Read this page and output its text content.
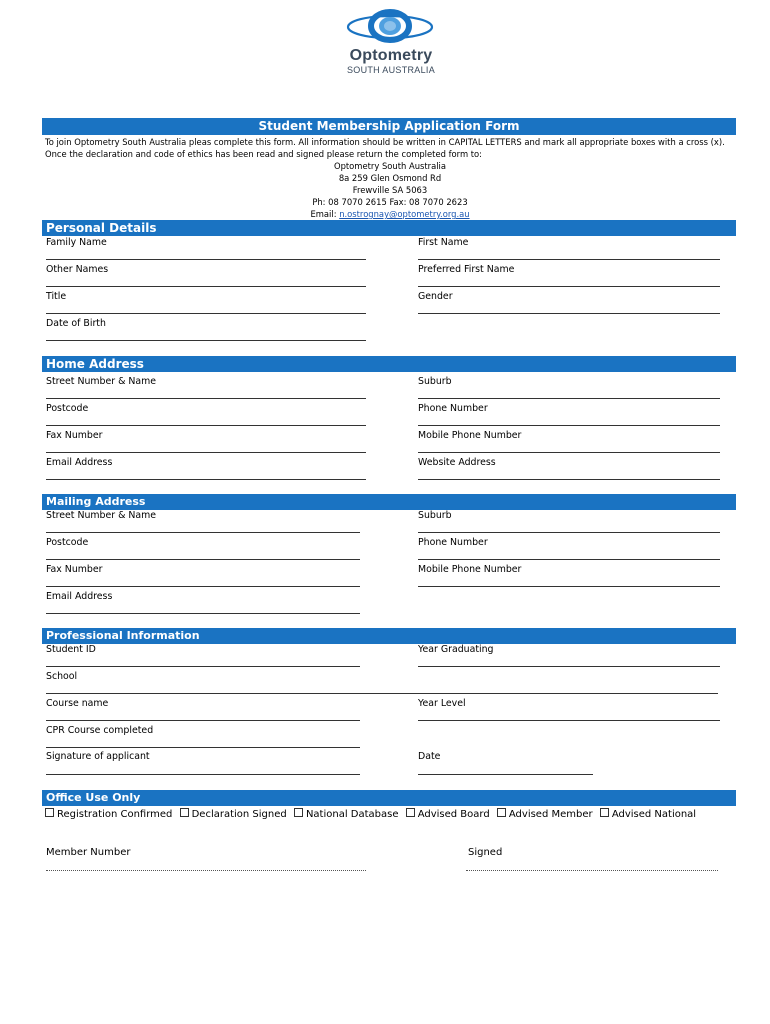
Optometry
SOUTH AUSTRALIA
Student Membership Application Form
To join Optometry South Australia pleas complete this form. All information should be written in CAPITAL LETTERS and mark all appropriate boxes with a cross (x).
Once the declaration and code of ethics has been read and signed please return the completed form to:
Optometry South Australia
8a 259 Glen Osmond Rd
Frewville SA 5063
Ph: 08 7070 2615 Fax: 08 7070 2623
Email: n.ostrognay@optometry.org.au
Personal Details
Family Name	First Name
Other Names	Preferred First Name
Title	Gender
Date of Birth
Home Address
Street Number & Name	Suburb
Postcode	Phone Number
Fax Number	Mobile Phone Number
Email Address	Website Address
Mailing Address
Street Number & Name	Suburb
Postcode	Phone Number
Fax Number	Mobile Phone Number
Email Address
Professional Information
Student ID	Year Graduating
School
Course name	Year Level
CPR Course completed
Signature of applicant	Date
Office Use Only
Registration Confirmed Declaration Signed National Database Advised Board Advised Member Advised National
Member Number	Signed
